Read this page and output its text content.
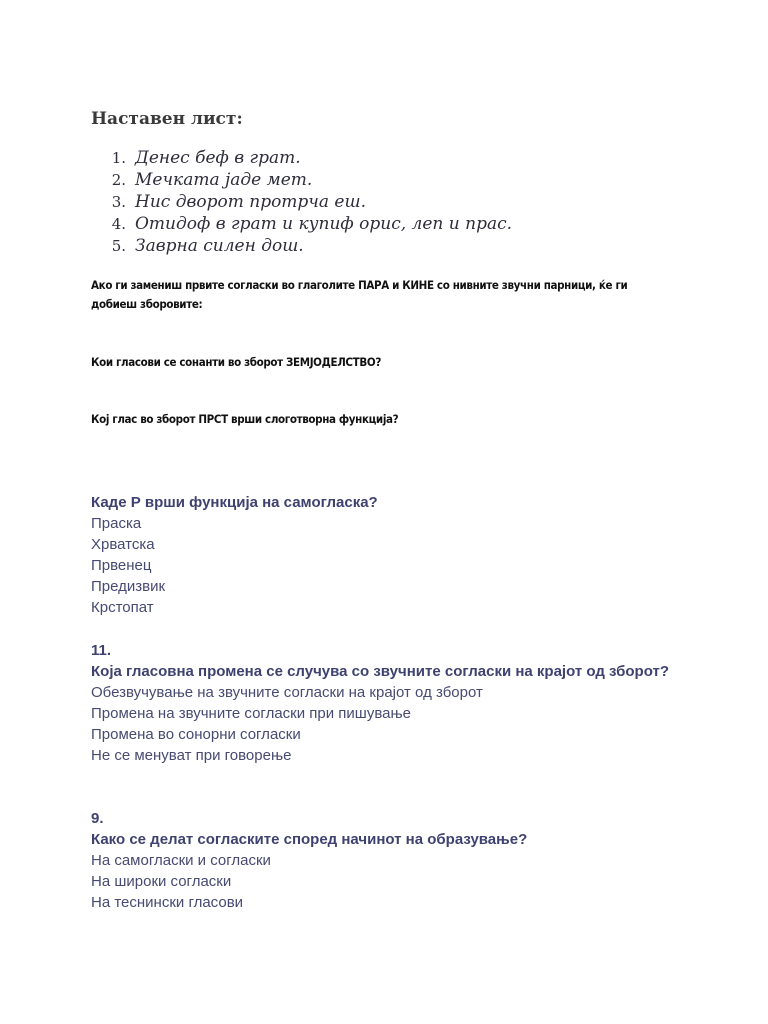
Наставен лист:
1. Денес беф в грат.
2. Мечката јаде мет.
3. Нис дворот протрча еш.
4. Отидоф в грат и купиф орис, леп и прас.
5. Заврна силен дош.
Ако ги замениш првите согласки во глаголите ПАРА и КИНЕ со нивните звучни парници, ќе ги
добиеш зборовите:
Кои гласови се сонанти во зборот ЗЕМЈОДЕЛСТВО?
Кој глас во зборот ПРСТ врши слоготворна функција?

Каде Р врши функција на самогласка?

Праска
Хрватска
Првенец
Предизвик
Крстопат

11.

Која гласовна промена се случува со звучните согласки на крајот од зборот?

Обезвучување на звучните согласки на крајот од зборот
Промена на звучните согласки при пишување
Промена во сонорни согласки
Не се менуват при говорење

9.

Како се делат согласките според начинот на образување?

На самогласки и согласки
На широки согласки
На теснински гласови
